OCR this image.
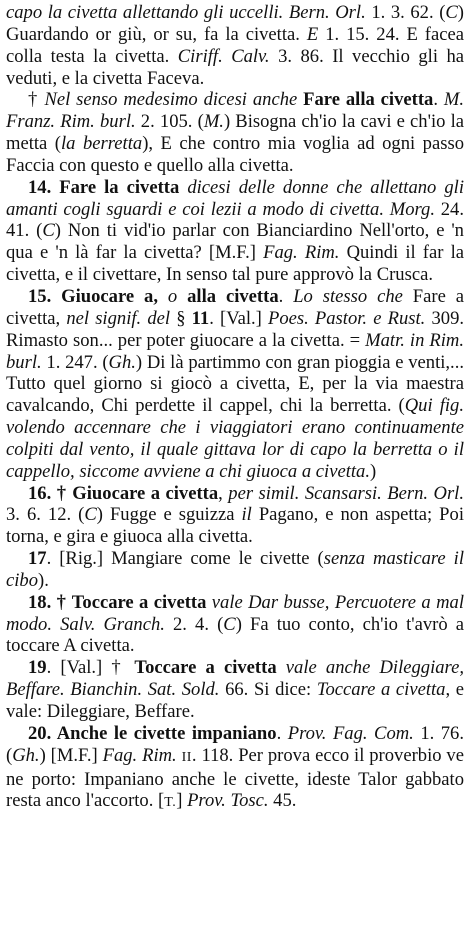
capo la civetta allettando gli uccelli. Bern. Orl. 1. 3. 62. (C) Guardando or giù, or su, fa la civetta. E 1. 15. 24. E facea colla testa la civetta. Ciriff. Calv. 3. 86. Il vecchio gli ha veduti, e la civetta Faceva.

† Nel senso medesimo dicesi anche Fare alla civetta. M. Franz. Rim. burl. 2. 105. (M.) Bisogna ch'io la cavi e ch'io la metta (la berretta), E che contro mia voglia ad ogni passo Faccia con questo e quello alla civetta.

14. Fare la civetta dicesi delle donne che allettano gli amanti cogli sguardi e coi lezii a modo di civetta. Morg. 24. 41. (C) Non ti vid'io parlar con Bianciardino Nell'orto, e 'n qua e 'n là far la civetta? [M.F.] Fag. Rim. Quindi il far la civetta, e il civettare, In senso tal pure approvò la Crusca.

15. Giuocare a, o alla civetta. Lo stesso che Fare a civetta, nel signif. del § 11. [Val.] Poes. Pastor. e Rust. 309. Rimasto son... per poter giuocare a la civetta. = Matr. in Rim. burl. 1. 247. (Gh.) Di là partimmo con gran pioggia e venti,... Tutto quel giorno si giocò a civetta, E, per la via maestra cavalcando, Chi perdette il cappel, chi la berretta. (Qui fig. volendo accennare che i viaggiatori erano continuamente colpiti dal vento, il quale gittava lor di capo la berretta o il cappello, siccome avviene a chi giuoca a civetta.)

16. † Giuocare a civetta, per simil. Scansarsi. Bern. Orl. 3. 6. 12. (C) Fugge e sguizza il Pagano, e non aspetta; Poi torna, e gira e giuoca alla civetta.

17. [Rig.] Mangiare come le civette (senza masticare il cibo).

18. † Toccare a civetta vale Dar busse, Percuotere a mal modo. Salv. Granch. 2. 4. (C) Fa tuo conto, ch'io t'avrò a toccare A civetta.

19. [Val.] † Toccare a civetta vale anche Dileggiare, Beffare. Bianchin. Sat. Sold. 66. Si dice: Toccare a civetta, e vale: Dileggiare, Beffare.

20. Anche le civette impaniano. Prov. Fag. Com. 1. 76. (Gh.) [M.F.] Fag. Rim. II. 118. Per prova ecco il proverbio ve ne porto: Impaniano anche le civette, ideste Talor gabbato resta anco l'accorto. [T.] Prov. Tosc. 45.
